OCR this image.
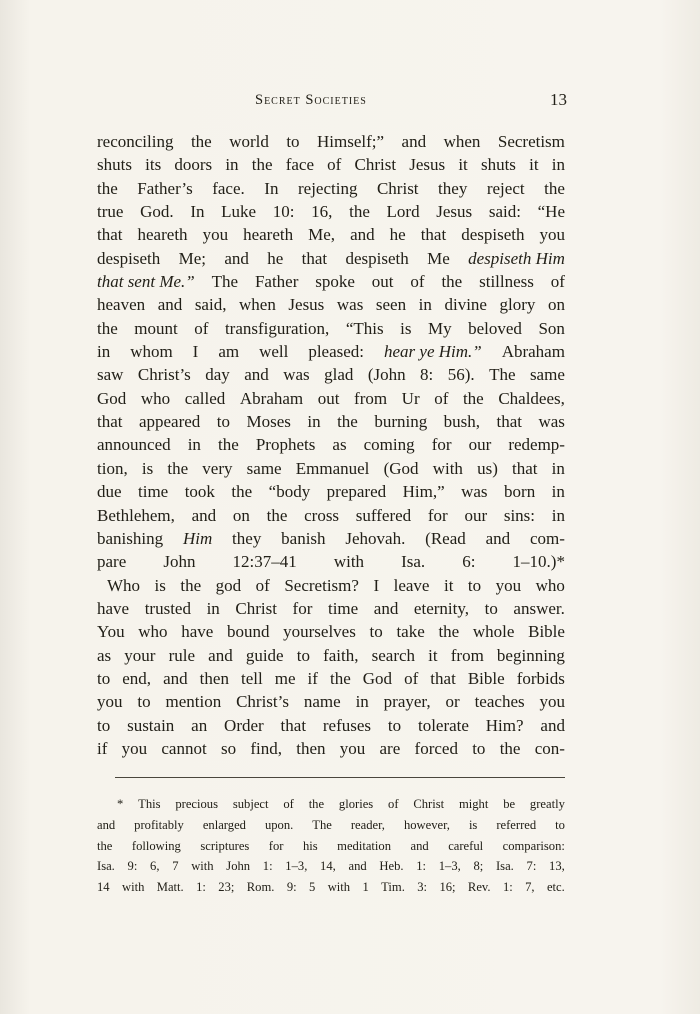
Secret Societies	13
reconciling the world to Himself;” and when Secretism
shuts its doors in the face of Christ Jesus it shuts it in
the Father’s face. In rejecting Christ they reject the
true God. In Luke 10: 16, the Lord Jesus said: “He
that heareth you heareth Me, and he that despiseth you
despiseth Me; and he that despiseth Me despiseth Him
that sent Me.” The Father spoke out of the stillness of
heaven and said, when Jesus was seen in divine glory on
the mount of transfiguration, “This is My beloved Son
in whom I am well pleased: hear ye Him.” Abraham
saw Christ’s day and was glad (John 8: 56). The same
God who called Abraham out from Ur of the Chaldees,
that appeared to Moses in the burning bush, that was
announced in the Prophets as coming for our redemp-
tion, is the very same Emmanuel (God with us) that in
due time took the “body prepared Him,” was born in
Bethlehem, and on the cross suffered for our sins: in
banishing Him they banish Jehovah. (Read and com-
pare John 12:37–41 with Isa. 6: 1–10.)*
Who is the god of Secretism? I leave it to you who
have trusted in Christ for time and eternity, to answer.
You who have bound yourselves to take the whole Bible
as your rule and guide to faith, search it from beginning
to end, and then tell me if the God of that Bible forbids
you to mention Christ’s name in prayer, or teaches you
to sustain an Order that refuses to tolerate Him? and
if you cannot so find, then you are forced to the con-
* This precious subject of the glories of Christ might be greatly
and profitably enlarged upon. The reader, however, is referred to
the following scriptures for his meditation and careful comparison:
Isa. 9: 6, 7 with John 1: 1–3, 14, and Heb. 1: 1–3, 8; Isa. 7: 13,
14 with Matt. 1: 23; Rom. 9: 5 with 1 Tim. 3: 16; Rev. 1: 7, etc.
